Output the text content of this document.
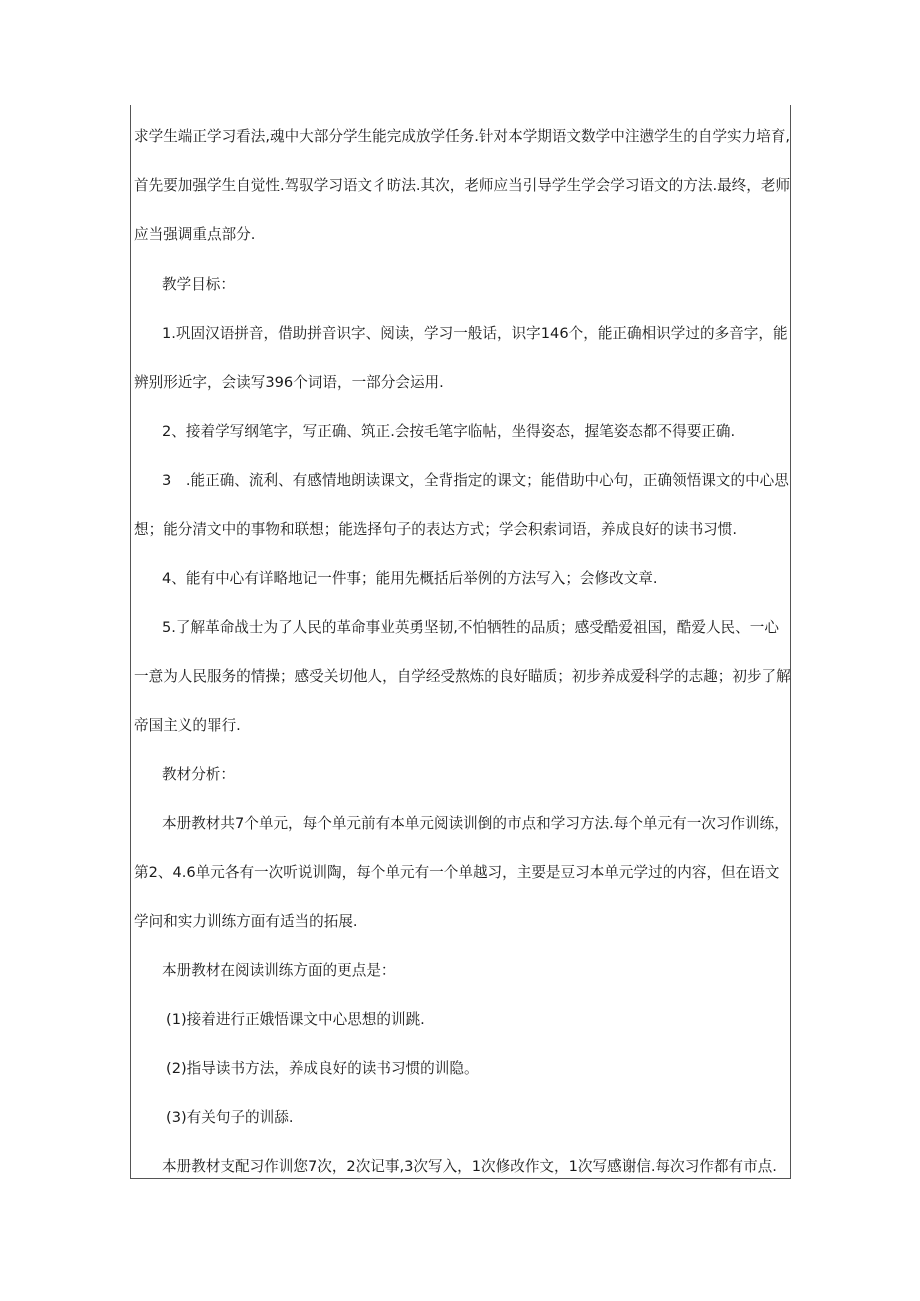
求学生端正学习看法,魂中大部分学生能完成放学任务.针对本学期语文数学中注懑学生的自学实力培育,
首先要加强学生自觉性.驾驭学习语文彳昉法.其次，老师应当引导学生学会学习语文的方法.最终，老师
应当强调重点部分.
教学目标：
1.巩固汉语拼音，借助拼音识字、阅读，学习一般话，识字146个，能正确相识学过的多音字，能
辨别形近字，会读写396个词语，一部分会运用.
2、接着学写纲笔字，写正确、筑正.会按毛笔字临帖，坐得姿态，握笔姿态都不得要正确.
3　.能正确、流利、有感情地朗读课文，全背指定的课文；能借助中心句，正确领悟课文的中心思
想；能分清文中的事物和联想；能选择句子的表达方式；学会积索词语，养成良好的读书习惯.
4、能有中心有详略地记一件事；能用先概括后举例的方法写入；会修改文章.
5.了解革命战士为了人民的革命事业英勇坚韧,不怕牺牲的品质；感受酷爱祖国，酷爱人民、一心
一意为人民服务的情操；感受关切他人，自学经受熬炼的良好瞄质；初步养成爱科学的志趣；初步了解
帝国主义的罪行.
教材分析：
本册教材共7个单元，每个单元前有本单元阅读训倒的市点和学习方法.每个单元有一次习作训练，
第2、4.6单元各有一次听说训陶，每个单元有一个单越习，主要是豆习本单元学过的内容，但在语文
学问和实力训练方面有适当的拓展.
本册教材在阅读训练方面的更点是：
(1)接着进行正娥悟课文中心思想的训跳.
(2)指导读书方法，养成良好的读书习惯的训隐。
(3)有关句子的训舔.
本册教材支配习作训您7次，2次记事,3次写入，1次修改作文，1次写感谢信.每次习作都有市点.
